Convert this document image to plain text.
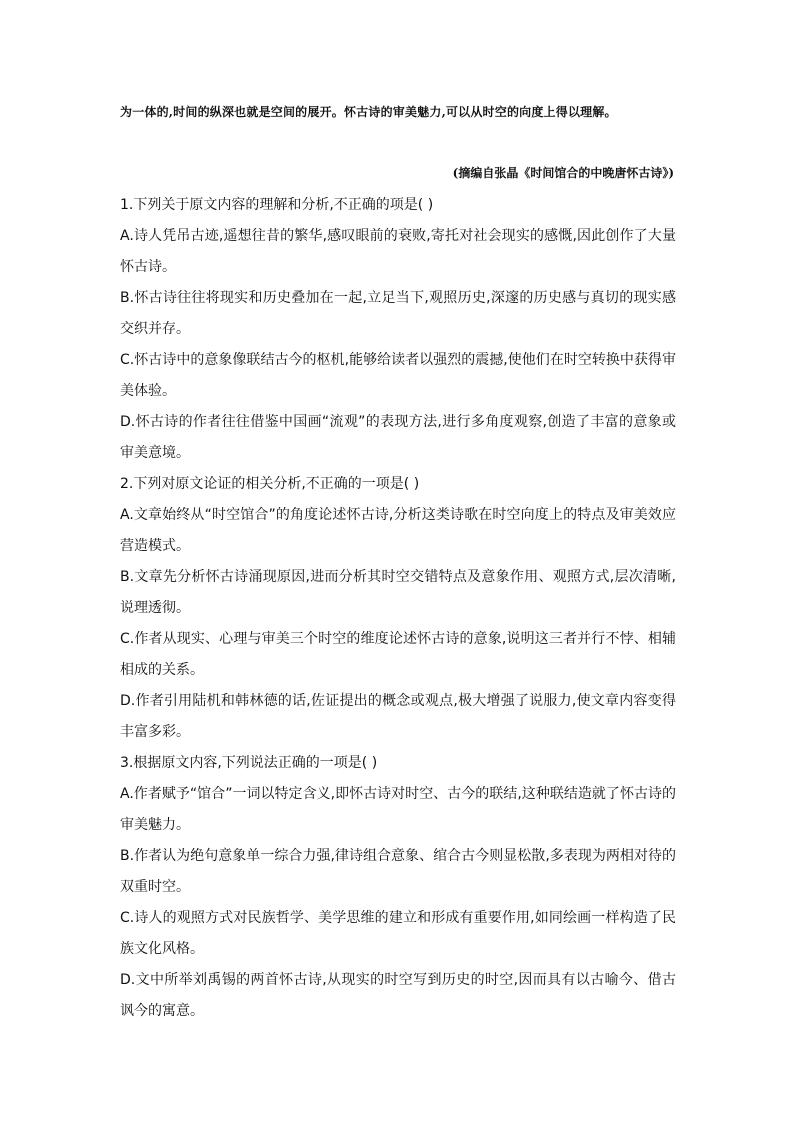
为一体的,时间的纵深也就是空间的展开。怀古诗的审美魅力,可以从时空的向度上得以理解。
(摘编自张晶《时间馆合的中晚唐怀古诗》)

1.下列关于原文内容的理解和分析,不正确的项是( )

A.诗人凭吊古迹,遥想往昔的繁华,感叹眼前的衰败,寄托对社会现实的感慨,因此创作了大量怀古诗。

B.怀古诗往往将现实和历史叠加在一起,立足当下,观照历史,深邃的历史感与真切的现实感交织并存。

C.怀古诗中的意象像联结古今的枢机,能够给读者以强烈的震撼,使他们在时空转换中获得审美体验。

D.怀古诗的作者往往借鉴中国画“流观”的表现方法,进行多角度观察,创造了丰富的意象或审美意境。

2.下列对原文论证的相关分析,不正确的一项是( )

A.文章始终从“时空馆合”的角度论述怀古诗,分析这类诗歌在时空向度上的特点及审美效应营造模式。

B.文章先分析怀古诗涌现原因,进而分析其时空交错特点及意象作用、观照方式,层次清晰,说理透彻。

C.作者从现实、心理与审美三个时空的维度论述怀古诗的意象,说明这三者并行不悖、相辅相成的关系。

D.作者引用陆机和韩林德的话,佐证提出的概念或观点,极大增强了说服力,使文章内容变得丰富多彩。

3.根据原文内容,下列说法正确的一项是( )

A.作者赋予“馆合”一词以特定含义,即怀古诗对时空、古今的联结,这种联结造就了怀古诗的审美魅力。

B.作者认为绝句意象单一综合力强,律诗组合意象、绾合古今则显松散,多表现为两相对待的双重时空。

C.诗人的观照方式对民族哲学、美学思维的建立和形成有重要作用,如同绘画一样构造了民族文化风格。

D.文中所举刘禹锡的两首怀古诗,从现实的时空写到历史的时空,因而具有以古喻今、借古讽今的寓意。
